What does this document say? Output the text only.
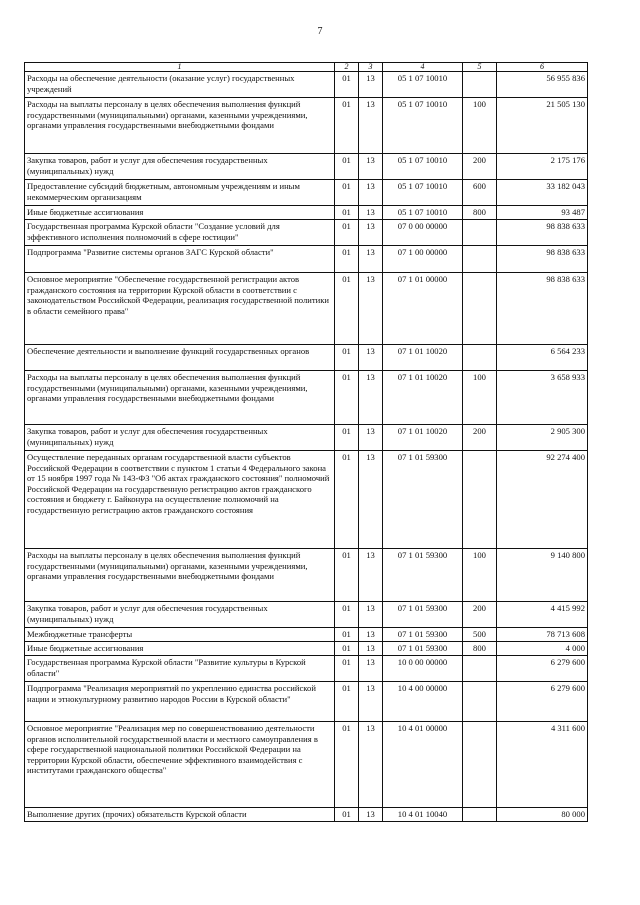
7
1	2	3	4	5	6
Расходы на обеспечение деятельности (оказание услуг) государственных учреждений	01	13	05 1 07 10010		56 955 836
Расходы на выплаты персоналу в целях обеспечения выполнения функций государственными (муниципальными) органами, казенными учреждениями, органами управления государственными внебюджетными фондами	01	13	05 1 07 10010	100	21 505 130
Закупка товаров, работ и услуг для обеспечения государственных (муниципальных) нужд	01	13	05 1 07 10010	200	2 175 176
Предоставление субсидий бюджетным, автономным учреждениям и иным некоммерческим организациям	01	13	05 1 07 10010	600	33 182 043
Иные бюджетные ассигнования	01	13	05 1 07 10010	800	93 487
Государственная программа Курской области "Создание условий для эффективного исполнения полномочий в сфере юстиции"	01	13	07 0 00 00000		98 838 633
Подпрограмма "Развитие системы органов ЗАГС Курской области"	01	13	07 1 00 00000		98 838 633
Основное мероприятие "Обеспечение государственной регистрации актов гражданского состояния на территории Курской области в соответствии с законодательством Российской Федерации, реализация государственной политики в области семейного права"	01	13	07 1 01 00000		98 838 633
Обеспечение деятельности и выполнение функций государственных органов	01	13	07 1 01 10020		6 564 233
Расходы на выплаты персоналу в целях обеспечения выполнения функций государственными (муниципальными) органами, казенными учреждениями, органами управления государственными внебюджетными фондами	01	13	07 1 01 10020	100	3 658 933
Закупка товаров, работ и услуг для обеспечения государственных (муниципальных) нужд	01	13	07 1 01 10020	200	2 905 300
Осуществление переданных органам государственной власти субъектов Российской Федерации в соответствии с пунктом 1 статьи 4 Федерального закона от 15 ноября 1997 года № 143-ФЗ "Об актах гражданского состояния" полномочий Российской Федерации на государственную регистрацию актов гражданского состояния и бюджету г. Байконура на осуществление полномочий на государственную регистрацию актов гражданского состояния	01	13	07 1 01 59300		92 274 400
Расходы на выплаты персоналу в целях обеспечения выполнения функций государственными (муниципальными) органами, казенными учреждениями, органами управления государственными внебюджетными фондами	01	13	07 1 01 59300	100	9 140 800
Закупка товаров, работ и услуг для обеспечения государственных (муниципальных) нужд	01	13	07 1 01 59300	200	4 415 992
Межбюджетные трансферты	01	13	07 1 01 59300	500	78 713 608
Иные бюджетные ассигнования	01	13	07 1 01 59300	800	4 000
Государственная программа Курской области "Развитие культуры в Курской области"	01	13	10 0 00 00000		6 279 600
Подпрограмма "Реализация мероприятий по укреплению единства российской нации и этнокультурному развитию народов России в Курской области"	01	13	10 4 00 00000		6 279 600
Основное мероприятие "Реализация мер по совершенствованию деятельности органов исполнительной государственной власти и местного самоуправления в сфере государственной национальной политики Российской Федерации на территории Курской области, обеспечение эффективного взаимодействия с институтами гражданского общества"	01	13	10 4 01 00000		4 311 600
Выполнение других (прочих) обязательств Курской области	01	13	10 4 01 10040		80 000
